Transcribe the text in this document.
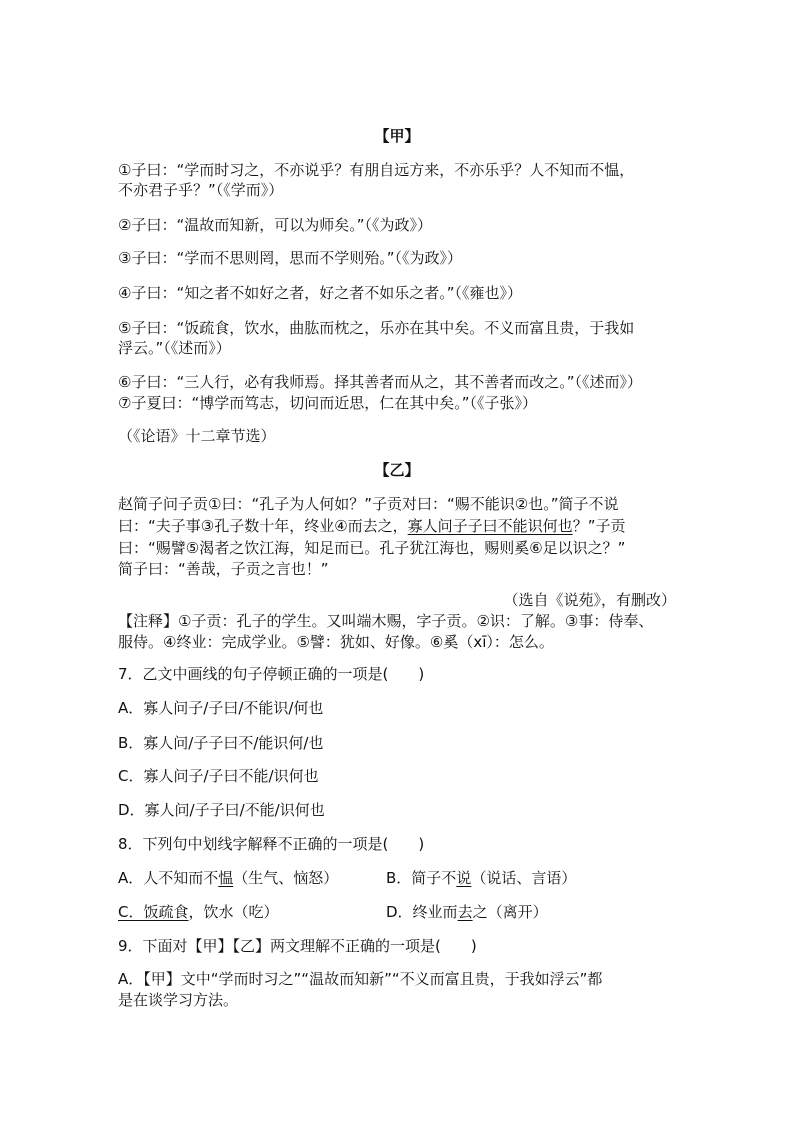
【甲】
①子曰：“学而时习之，不亦说乎？有朋自远方来，不亦乐乎？人不知而不愠，
不亦君子乎？”（《学而》）
②子曰：“温故而知新，可以为师矣。”（《为政》）
③子曰：“学而不思则罔，思而不学则殆。”（《为政》）
④子曰：“知之者不如好之者，好之者不如乐之者。”（《雍也》）
⑤子曰：“饭疏食，饮水，曲肱而枕之，乐亦在其中矣。不义而富且贵，于我如
浮云。”（《述而》）
⑥子曰：“三人行，必有我师焉。择其善者而从之，其不善者而改之。”（《述而》）
⑦子夏曰：“博学而笃志，切问而近思，仁在其中矣。”（《子张》）
（《论语》十二章节选）
【乙】
赵简子问子贡①曰：“孔子为人何如？”子贡对曰：“赐不能识②也。”简子不说
曰：“夫子事③孔子数十年，终业④而去之，寡人问子子曰不能识何也？”子贡
曰：“赐譬⑤渴者之饮江海，知足而已。孔子犹江海也，赐则奚⑥足以识之？”
简子曰：“善哉，子贡之言也！”
（选自《说苑》，有删改）
【注释】①子贡：孔子的学生。又叫端木赐，字子贡。②识：了解。③事：侍奉、
服侍。④终业：完成学业。⑤譬：犹如、好像。⑥奚（xī）：怎么。
7．乙文中画线的句子停顿正确的一项是(　　)
A．寡人问子/子曰/不能识/何也
B．寡人问/子子曰不/能识何/也
C．寡人问子/子曰不能/识何也
D．寡人问/子子曰/不能/识何也
8．下列句中划线字解释不正确的一项是(　　)
A．人不知而不愠（生气、恼怒）	B．简子不说（说话、言语）
C．饭疏食，饮水（吃）	D．终业而去之（离开）
9．下面对【甲】【乙】两文理解不正确的一项是(　　)
A．【甲】文中“学而时习之”“温故而知新”“不义而富且贵，于我如浮云”都
是在谈学习方法。
